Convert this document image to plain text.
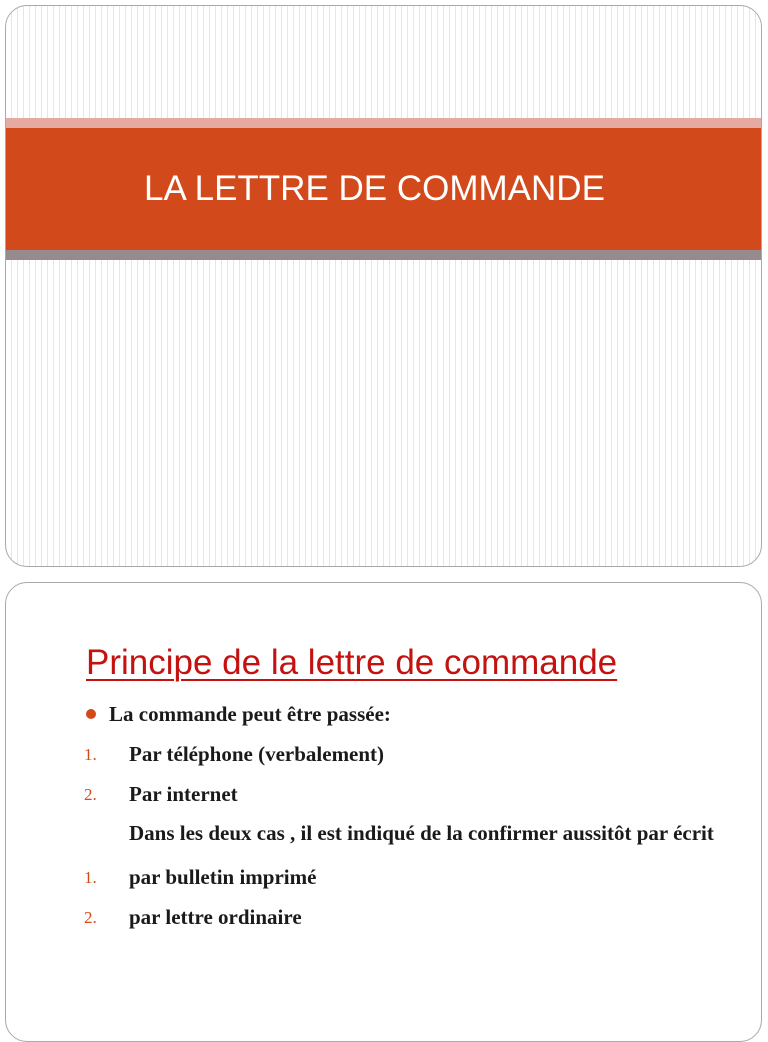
LA LETTRE DE COMMANDE
Principe de la lettre de commande

La commande peut être passée:

1. Par téléphone (verbalement)

2. Par internet

Dans les deux cas , il est indiqué de la confirmer aussitôt par écrit

1. par bulletin imprimé

2. par lettre ordinaire
